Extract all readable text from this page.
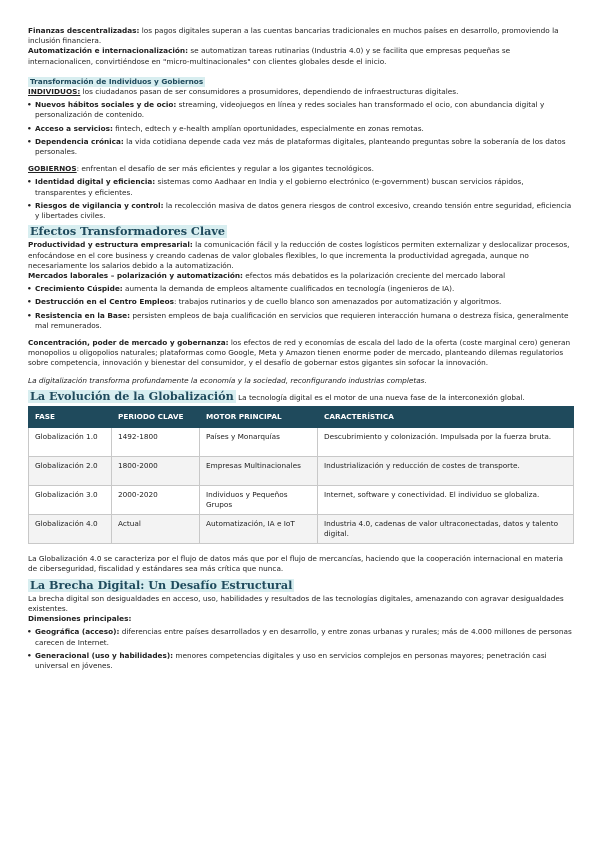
Finanzas descentralizadas: los pagos digitales superan a las cuentas bancarias tradicionales en muchos países en desarrollo, promoviendo la inclusión financiera.

Automatización e internacionalización: se automatizan tareas rutinarias (Industria 4.0) y se facilita que empresas pequeñas se internacionalicen, convirtiéndose en "micro-multinacionales" con clientes globales desde el inicio.

Transformación de Individuos y Gobiernos

INDIVIDUOS: los ciudadanos pasan de ser consumidores a prosumidores, dependiendo de infraestructuras digitales.

• Nuevos hábitos sociales y de ocio: streaming, videojuegos en línea y redes sociales han transformado el ocio, con abundancia digital y personalización de contenido.

• Acceso a servicios: fintech, edtech y e-health amplían oportunidades, especialmente en zonas remotas.

• Dependencia crónica: la vida cotidiana depende cada vez más de plataformas digitales, planteando preguntas sobre la soberanía de los datos personales.

GOBIERNOS: enfrentan el desafío de ser más eficientes y regular a los gigantes tecnológicos.

• Identidad digital y eficiencia: sistemas como Aadhaar en India y el gobierno electrónico (e-government) buscan servicios rápidos, transparentes y eficientes.

• Riesgos de vigilancia y control: la recolección masiva de datos genera riesgos de control excesivo, creando tensión entre seguridad, eficiencia y libertades civiles.

Efectos Transformadores Clave

Productividad y estructura empresarial: la comunicación fácil y la reducción de costes logísticos permiten externalizar y deslocalizar procesos, enfocándose en el core business y creando cadenas de valor globales flexibles, lo que incrementa la productividad agregada, aunque no necesariamente los salarios debido a la automatización.

Mercados laborales – polarización y automatización: efectos más debatidos es la polarización creciente del mercado laboral

• Crecimiento Cúspide: aumenta la demanda de empleos altamente cualificados en tecnología (ingenieros de IA).

• Destrucción en el Centro Empleos: trabajos rutinarios y de cuello blanco son amenazados por automatización y algoritmos.

• Resistencia en la Base: persisten empleos de baja cualificación en servicios que requieren interacción humana o destreza física, generalmente mal remunerados.

Concentración, poder de mercado y gobernanza: los efectos de red y economías de escala del lado de la oferta (coste marginal cero) generan monopolios u oligopolios naturales; plataformas como Google, Meta y Amazon tienen enorme poder de mercado, planteando dilemas regulatorios sobre competencia, innovación y bienestar del consumidor, y el desafío de gobernar estos gigantes sin sofocar la innovación.

La digitalización transforma profundamente la economía y la sociedad, reconfigurando industrias completas.

La Evolución de la Globalización La tecnología digital es el motor de una nueva fase de la interconexión global.
FASE	PERIODO CLAVE	MOTOR PRINCIPAL	CARACTERÍSTICA
Globalización 1.0	1492-1800	Países y Monarquías	Descubrimiento y colonización. Impulsada por la fuerza bruta.
Globalización 2.0	1800-2000	Empresas Multinacionales	Industrialización y reducción de costes de transporte.
Globalización 3.0	2000-2020	Individuos y Pequeños Grupos	Internet, software y conectividad. El individuo se globaliza.
Globalización 4.0	Actual	Automatización, IA e IoT	Industria 4.0, cadenas de valor ultraconectadas, datos y talento digital.

La Globalización 4.0 se caracteriza por el flujo de datos más que por el flujo de mercancías, haciendo que la cooperación internacional en materia de ciberseguridad, fiscalidad y estándares sea más crítica que nunca.

La Brecha Digital: Un Desafío Estructural

La brecha digital son desigualdades en acceso, uso, habilidades y resultados de las tecnologías digitales, amenazando con agravar desigualdades existentes.

Dimensiones principales:

• Geográfica (acceso): diferencias entre países desarrollados y en desarrollo, y entre zonas urbanas y rurales; más de 4.000 millones de personas carecen de Internet.

• Generacional (uso y habilidades): menores competencias digitales y uso en servicios complejos en personas mayores; penetración casi universal en jóvenes.
